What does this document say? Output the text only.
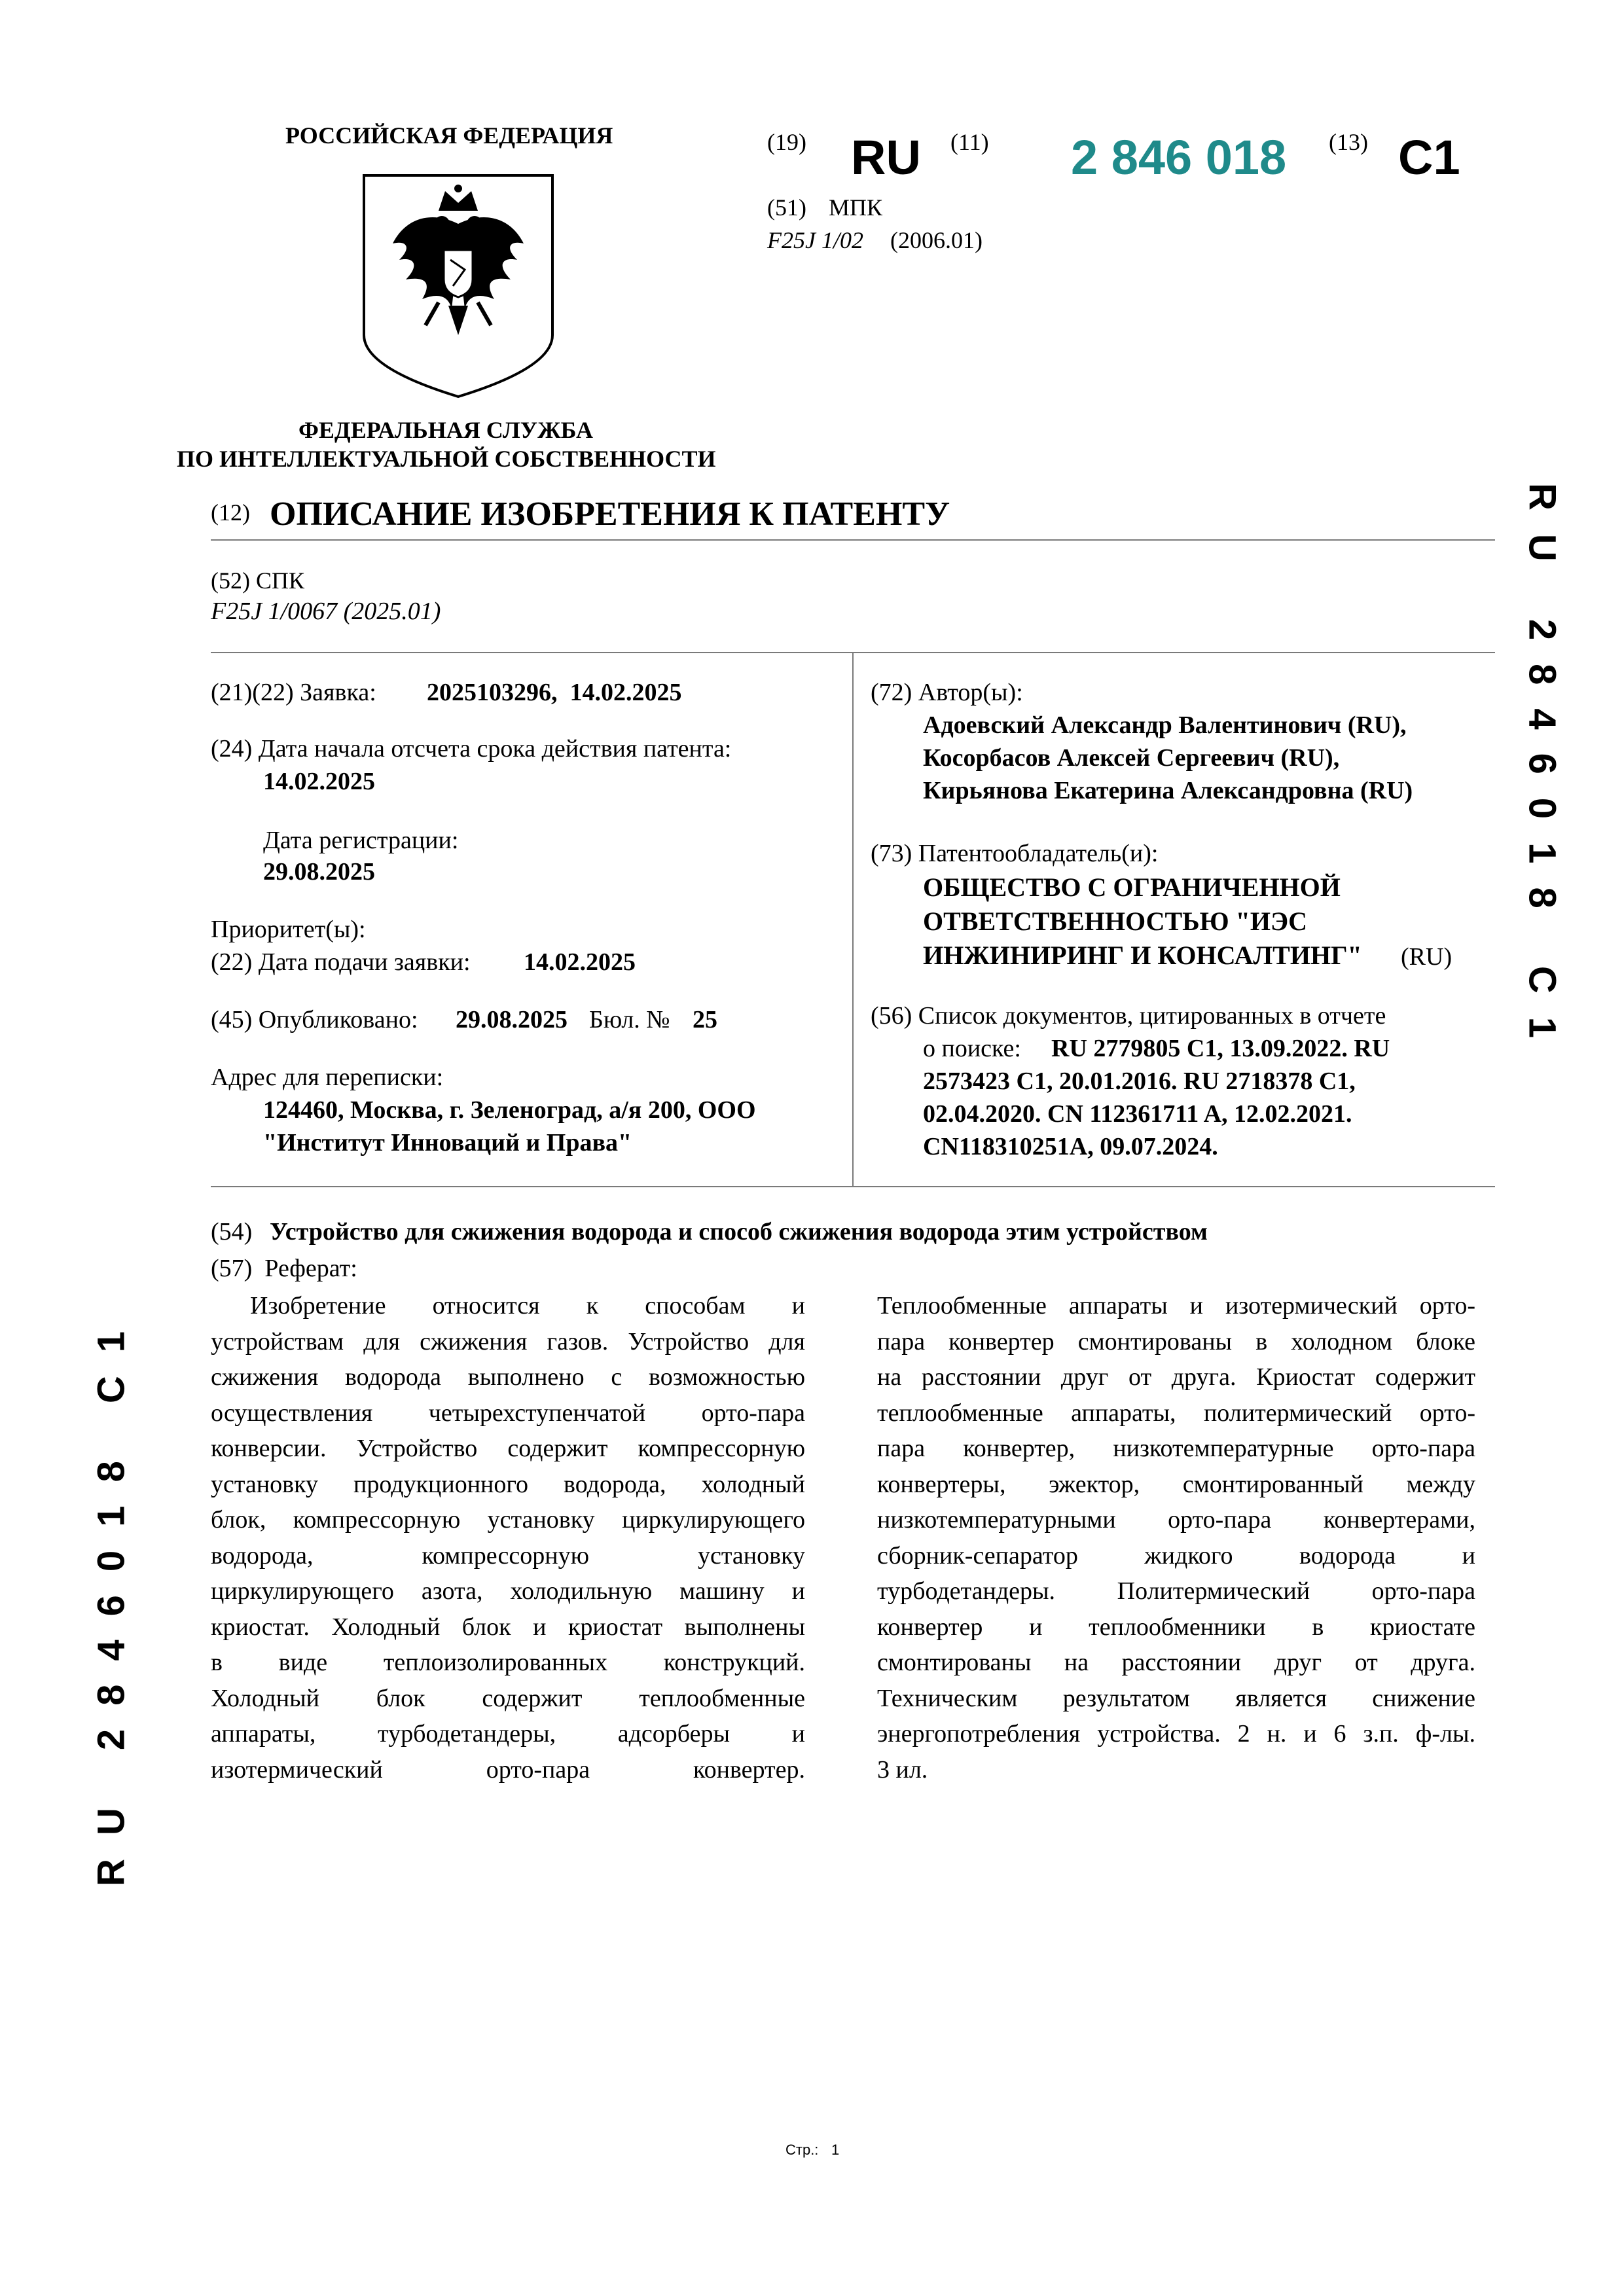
РОССИЙСКАЯ ФЕДЕРАЦИЯ
ФЕДЕРАЛЬНАЯ СЛУЖБА
ПО ИНТЕЛЛЕКТУАЛЬНОЙ СОБСТВЕННОСТИ
(19) RU (11) 2 846 018 (13) C1
(51) МПК
F25J 1/02 (2006.01)
(12) ОПИСАНИЕ ИЗОБРЕТЕНИЯ К ПАТЕНТУ
(52) СПК
F25J 1/0067 (2025.01)
(21)(22) Заявка: 2025103296,  14.02.2025
(24) Дата начала отсчета срока действия патента:
14.02.2025
Дата регистрации:
29.08.2025
Приоритет(ы):
(22) Дата подачи заявки: 14.02.2025
(45) Опубликовано: 29.08.2025 Бюл. № 25
Адрес для переписки:
124460, Москва, г. Зеленоград, а/я 200, ООО
"Институт Инноваций и Права"
(72) Автор(ы):
Адоевский Александр Валентинович (RU),
Косорбасов Алексей Сергеевич (RU),
Кирьянова Екатерина Александровна (RU)
(73) Патентообладатель(и):
ОБЩЕСТВО С ОГРАНИЧЕННОЙ
ОТВЕТСТВЕННОСТЬЮ "ИЭС
ИНЖИНИРИНГ И КОНСАЛТИНГ" (RU)
(56) Список документов, цитированных в отчете
о поиске: RU 2779805 C1, 13.09.2022. RU
2573423 C1, 20.01.2016. RU 2718378 C1,
02.04.2020. CN 112361711 A, 12.02.2021.
CN118310251A, 09.07.2024.
(54) Устройство для сжижения водорода и способ сжижения водорода этим устройством
(57)  Реферат:

Изобретение относится к способам и

устройствам для сжижения газов. Устройство для

сжижения водорода выполнено с возможностью

осуществления четырехступенчатой орто-пара

конверсии. Устройство содержит компрессорную

установку продукционного водорода, холодный

блок, компрессорную установку циркулирующего

водорода, компрессорную установку

циркулирующего азота, холодильную машину и

криостат. Холодный блок и криостат выполнены

в виде теплоизолированных конструкций.

Холодный блок содержит теплообменные

аппараты, турбодетандеры, адсорберы и

изотермический орто-пара конвертер.

Теплообменные аппараты и изотермический орто-

пара конвертер смонтированы в холодном блоке

на расстоянии друг от друга. Криостат содержит

теплообменные аппараты, политермический орто-

пара конвертер, низкотемпературные орто-пара

конвертеры, эжектор, смонтированный между

низкотемпературными орто-пара конвертерами,

сборник-сепаратор жидкого водорода и

турбодетандеры. Политермический орто-пара

конвертер и теплообменники в криостате

смонтированы на расстоянии друг от друга.

Техническим результатом является снижение

энергопотребления устройства. 2 н. и 6 з.п. ф-лы.

3 ил.

RU 2846018 C1
RU 2846018 C1
Стр.: 1
